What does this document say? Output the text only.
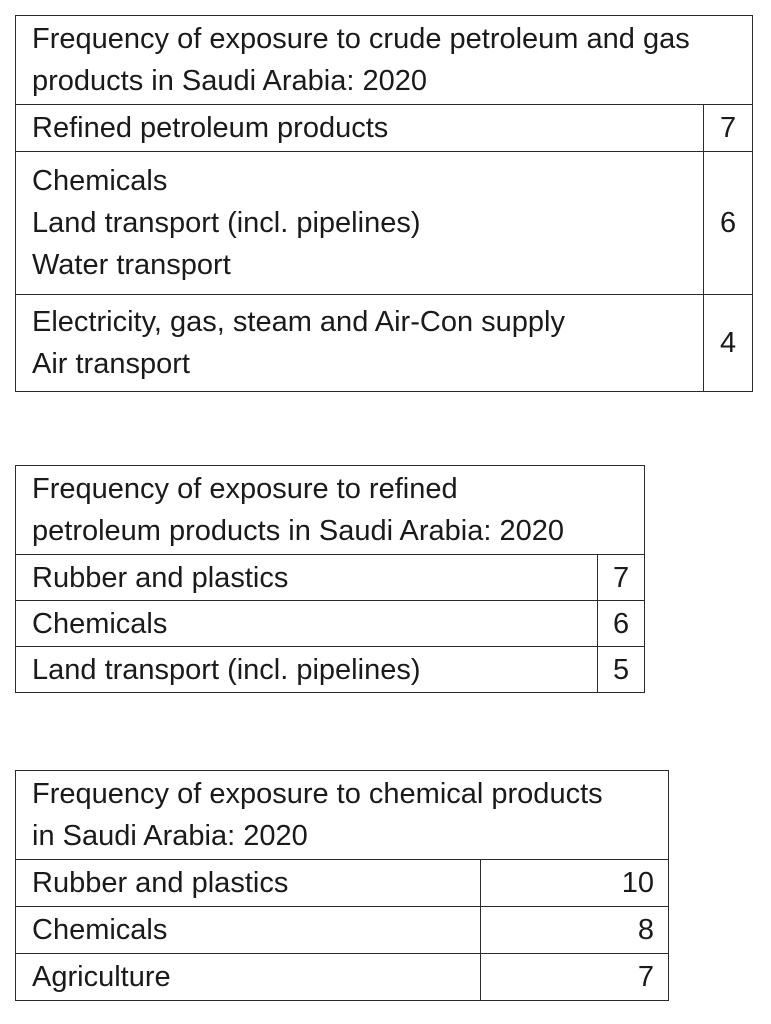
Frequency of exposure to crude petroleum and gas
products in Saudi Arabia: 2020	

Refined petroleum products	7

Chemicals
Land transport (incl. pipelines)
Water transport	6

Electricity, gas, steam and Air-Con supply
Air transport	4
Frequency of exposure to refined
petroleum products in Saudi Arabia: 2020	

Rubber and plastics	7
Chemicals	6
Land transport (incl. pipelines)	5
Frequency of exposure to chemical products
in Saudi Arabia: 2020	

Rubber and plastics	10
Chemicals	8
Agriculture	7
